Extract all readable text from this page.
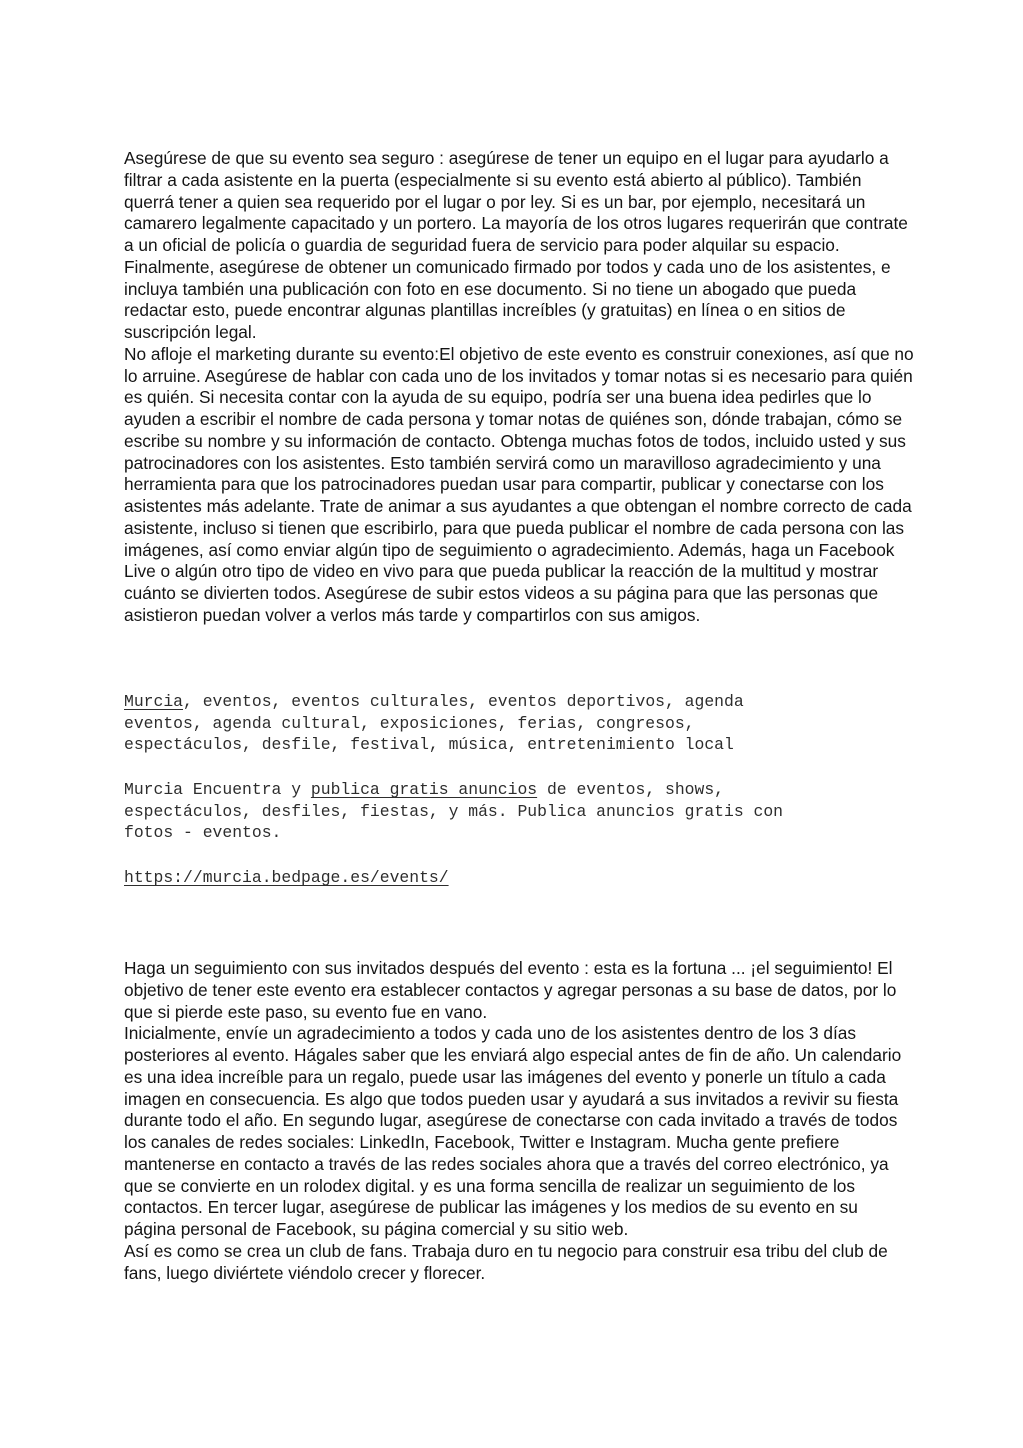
Asegúrese de que su evento sea seguro : asegúrese de tener un equipo en el lugar para ayudarlo a filtrar a cada asistente en la puerta (especialmente si su evento está abierto al público). También querrá tener a quien sea requerido por el lugar o por ley. Si es un bar, por ejemplo, necesitará un camarero legalmente capacitado y un portero. La mayoría de los otros lugares requerirán que contrate a un oficial de policía o guardia de seguridad fuera de servicio para poder alquilar su espacio. Finalmente, asegúrese de obtener un comunicado firmado por todos y cada uno de los asistentes, e incluya también una publicación con foto en ese documento. Si no tiene un abogado que pueda redactar esto, puede encontrar algunas plantillas increíbles (y gratuitas) en línea o en sitios de suscripción legal.

No afloje el marketing durante su evento:El objetivo de este evento es construir conexiones, así que no lo arruine. Asegúrese de hablar con cada uno de los invitados y tomar notas si es necesario para quién es quién. Si necesita contar con la ayuda de su equipo, podría ser una buena idea pedirles que lo ayuden a escribir el nombre de cada persona y tomar notas de quiénes son, dónde trabajan, cómo se escribe su nombre y su información de contacto. Obtenga muchas fotos de todos, incluido usted y sus patrocinadores con los asistentes. Esto también servirá como un maravilloso agradecimiento y una herramienta para que los patrocinadores puedan usar para compartir, publicar y conectarse con los asistentes más adelante. Trate de animar a sus ayudantes a que obtengan el nombre correcto de cada asistente, incluso si tienen que escribirlo, para que pueda publicar el nombre de cada persona con las imágenes, así como enviar algún tipo de seguimiento o agradecimiento. Además, haga un Facebook Live o algún otro tipo de video en vivo para que pueda publicar la reacción de la multitud y mostrar cuánto se divierten todos. Asegúrese de subir estos videos a su página para que las personas que asistieron puedan volver a verlos más tarde y compartirlos con sus amigos.

Murcia, eventos, eventos culturales, eventos deportivos, agenda
eventos, agenda cultural, exposiciones, ferias, congresos,
espectáculos, desfile, festival, música, entretenimiento local

Murcia Encuentra y publica gratis anuncios de eventos, shows,
espectáculos, desfiles, fiestas, y más. Publica anuncios gratis con
fotos - eventos.

https://murcia.bedpage.es/events/

Haga un seguimiento con sus invitados después del evento : esta es la fortuna ... ¡el seguimiento! El objetivo de tener este evento era establecer contactos y agregar personas a su base de datos, por lo que si pierde este paso, su evento fue en vano.

Inicialmente, envíe un agradecimiento a todos y cada uno de los asistentes dentro de los 3 días posteriores al evento. Hágales saber que les enviará algo especial antes de fin de año. Un calendario es una idea increíble para un regalo, puede usar las imágenes del evento y ponerle un título a cada imagen en consecuencia. Es algo que todos pueden usar y ayudará a sus invitados a revivir su fiesta durante todo el año. En segundo lugar, asegúrese de conectarse con cada invitado a través de todos los canales de redes sociales: LinkedIn, Facebook, Twitter e Instagram. Mucha gente prefiere mantenerse en contacto a través de las redes sociales ahora que a través del correo electrónico, ya que se convierte en un rolodex digital. y es una forma sencilla de realizar un seguimiento de los contactos. En tercer lugar, asegúrese de publicar las imágenes y los medios de su evento en su página personal de Facebook, su página comercial y su sitio web.

Así es como se crea un club de fans. Trabaja duro en tu negocio para construir esa tribu del club de fans, luego diviértete viéndolo crecer y florecer.
